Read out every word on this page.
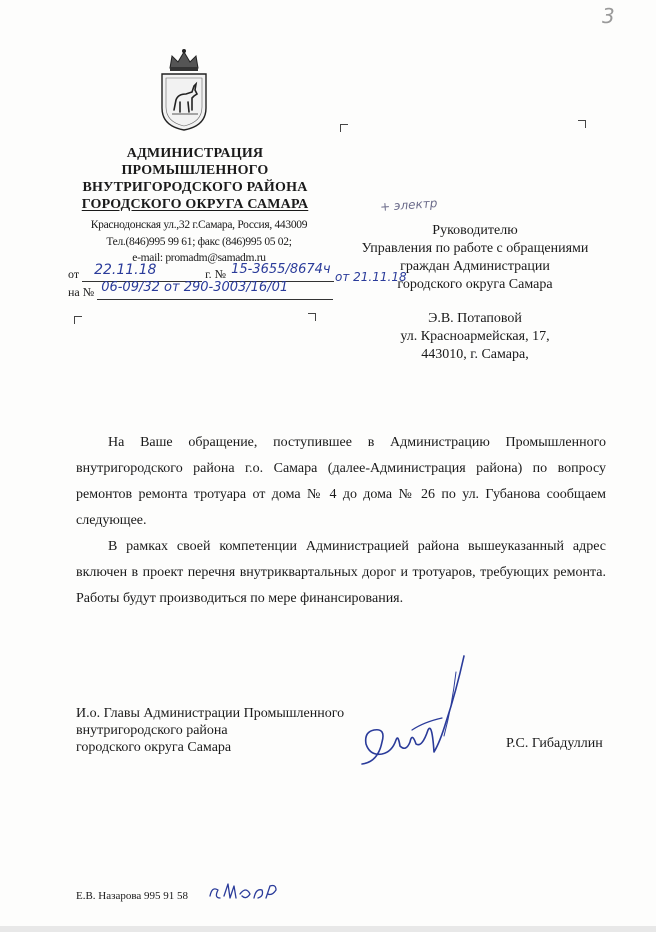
3
АДМИНИСТРАЦИЯ
ПРОМЫШЛЕННОГО
ВНУТРИГОРОДСКОГО РАЙОНА
ГОРОДСКОГО ОКРУГА САМАРА
Краснодонская ул.,32 г.Самара, Россия, 443009
Тел.(846)995 99 61; факс (846)995 05 02;
e-mail: promadm@samadm.ru
от 22.11.18	г. № 15-3655/8674ч от 21.11.18
на № 06-09/32 от 290-3003/16/01
+ электр
Руководителю
Управления по работе с обращениями
граждан Администрации
городского округа Самара
Э.В. Потаповой
ул. Красноармейская, 17,
443010, г. Самара,

На Ваше обращение, поступившее в Администрацию Промышленного внутригородского района г.о. Самара (далее-Администрация района) по вопросу ремонтов ремонта тротуара от дома № 4 до дома № 26 по ул. Губанова сообщаем следующее.

В рамках своей компетенции Администрацией района вышеуказанный адрес включен в проект перечня внутриквартальных дорог и тротуаров, требующих ремонта. Работы будут производиться по мере финансирования.

И.о. Главы Администрации Промышленного
внутригородского района
городского округа Самара	Р.С. Гибадуллин
Е.В. Назарова 995 91 58
